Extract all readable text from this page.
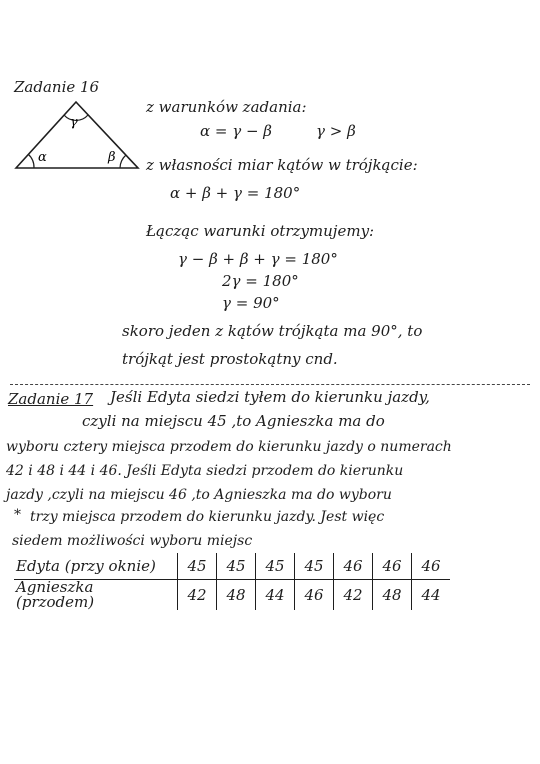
Zadanie 16
α	β
γ
z warunków zadania:
α = γ − β	γ > β
z własności miar kątów w trójkącie:
α + β + γ = 180°
Łącząc warunki otrzymujemy:
γ − β + β + γ = 180°
2γ = 180°
γ = 90°
skoro jeden z kątów trójkąta ma 90°, to
trójkąt jest prostokątny cnd.
Zadanie 17 Jeśli Edyta siedzi tyłem do kierunku jazdy,
czyli na miejscu 45 ,to Agnieszka ma do
wyboru cztery miejsca przodem do kierunku jazdy o numerach
42 i 48 i 44 i 46. Jeśli Edyta siedzi przodem do kierunku
jazdy ,czyli na miejscu 46 ,to Agnieszka ma do wyboru
* trzy miejsca przodem do kierunku jazdy. Jest więc
siedem możliwości wyboru miejsc
Edyta (przy oknie)	45	45	45	45	46	46	46
Agnieszka (przodem)	42	48	44	46	42	48	44
